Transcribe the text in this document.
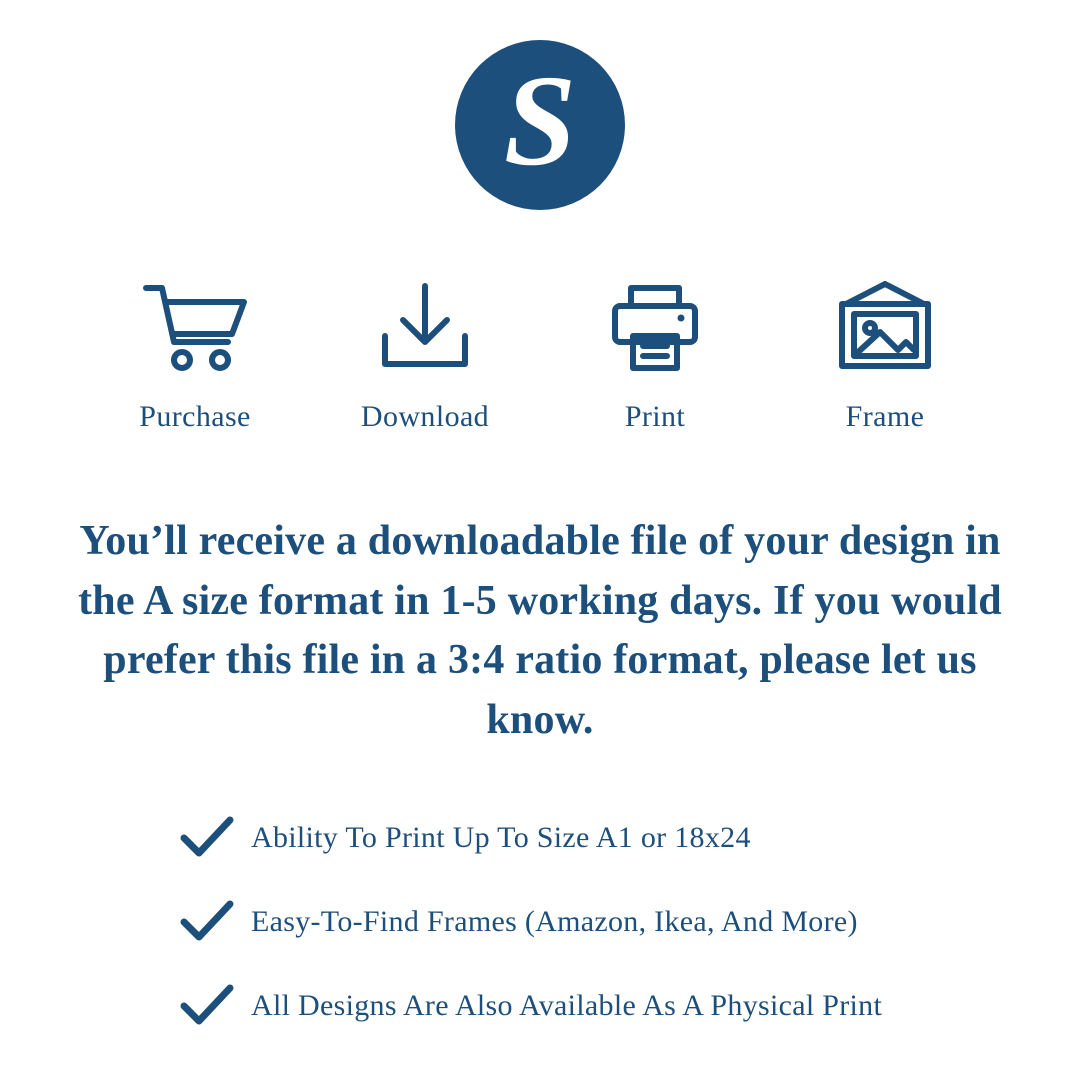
S
Purchase	Download	Print	Frame
You’ll receive a downloadable file of your design in the A size format in 1-5 working days. If you would prefer this file in a 3:4 ratio format, please let us know.
Ability To Print Up To Size A1 or 18x24
Easy-To-Find Frames (Amazon, Ikea, And More)
All Designs Are Also Available As A Physical Print
